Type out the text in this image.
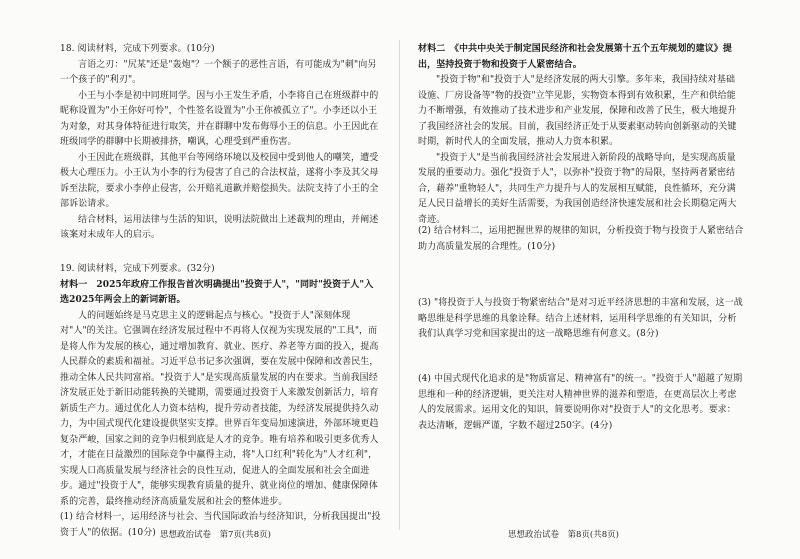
18. 阅读材料，完成下列要求。(10分)

言语之刃："尻某"还是"轰炮"？一个额子的恶性言语，有可能成为"刺"向另一个孩子的"利刃"。

小王与小李是初中同班同学。因与小王发生矛盾，小李将自己在班级群中的昵称设置为"小王你好可怜"，个性签名设置为"小王你被孤立了"。小李还以小王为对象，对其身体特征进行取笑，并在群聊中发布侮辱小王的信息。小王因此在班级同学的群聊中长期被排挤，嘲讽，心理受到严重伤害。

小王因此在班级群，其他平台等网络环境以及校园中受到他人的嘲笑，遭受极大心理压力。小王认为小李的行为侵害了自己的合法权益，遂将小李及其父母诉至法院，要求小李停止侵害，公开赔礼道歉并赔偿损失。法院支持了小王的全部诉讼请求。

结合材料，运用法律与生活的知识，说明法院做出上述裁判的理由，并阐述该案对未成年人的启示。

19. 阅读材料，完成下列要求。(32分)

材料一　2025年政府工作报告首次明确提出"投资于人"，"同时"投资于人"入选2025年两会上的新词新语。

人的问题始终是马克思主义的逻辑起点与核心。"投资于人"深刻体现对"人"的关注。它强调在经济发展过程中不再将人仅视为实现发展的"工具"，而是将人作为发展的核心，通过增加教育、就业、医疗、养老等方面的投入，提高人民群众的素质和福祉。习近平总书记多次强调，要在发展中保障和改善民生，推动全体人民共同富裕。"投资于人"是实现高质量发展的内在要求。当前我国经济发展正处于新旧动能转换的关键期，需要通过投资于人来激发创新活力，培育新质生产力。通过优化人力资本结构，提升劳动者技能，为经济发展提供持久动力，为中国式现代化建设提供坚实支撑。世界百年变局加速演进，外部环境更趋复杂严峻，国家之间的竞争归根到底是人才的竞争。唯有培养和吸引更多优秀人才，才能在日益激烈的国际竞争中赢得主动，将"人口红利"转化为"人才红利"，实现人口高质量发展与经济社会的良性互动，促进人的全面发展和社会全面进步。通过"投资于人"，能够实现教育质量的提升、就业岗位的增加、健康保障体系的完善，最终推动经济高质量发展和社会的整体进步。

(1) 结合材料一，运用经济与社会、当代国际政治与经济知识，分析我国提出"投资于人"的依据。(10分) 思想政治试卷　第7页(共8页)

材料二　《中共中央关于制定国民经济和社会发展第十五个五年规划的建议》提出，坚持投资于物和投资于人紧密结合。

"投资于物"和"投资于人"是经济发展的两大引擎。多年来，我国持续对基础设施、厂房设备等"物的投资"立竿见影，实物资本得到有效积累，生产和供给能力不断增强，有效推动了技术进步和产业发展，保障和改善了民生，极大地提升了我国经济社会的发展。目前，我国经济正处于从要素驱动转向创新驱动的关键时期，新时代人的全面发展，推动人力资本积累。

"投资于人"是当前我国经济社会发展进入新阶段的战略导向，是实现高质量发展的重要动力。强化"投资于人"，以弥补"投资于物"的局限，坚持两者紧密结合，藉养"重物轻人"，共同生产力提升与人的发展相互赋能，良性循环，充分满足人民日益增长的美好生活需要，为我国创造经济快速发展和社会长期稳定两大奇迹。

(2) 结合材料二，运用把握世界的规律的知识，分析投资于物与投资于人紧密结合助力高质量发展的合理性。(10分)
(3) "将投资于人与投资于物紧密结合"是对习近平经济思想的丰富和发展，这一战略思维是科学思维的具象诠释。结合上述材料，运用科学思维的有关知识，分析我们认真学习党和国家提出的这一战略思维有何意义。(8分)
(4) 中国式现代化追求的是"物质富足、精神富有"的统一。"投资于人"超越了短期思维和一种的经济逻辑，更关注对人精神世界的滋养和塑造，在更高层次上考虑人的发展需求。运用文化的知识，简要说明你对"投资于人"的文化思考。要求：表达清晰，逻辑严谨，字数不超过250字。(4分)
思想政治试卷　第8页(共8页)
